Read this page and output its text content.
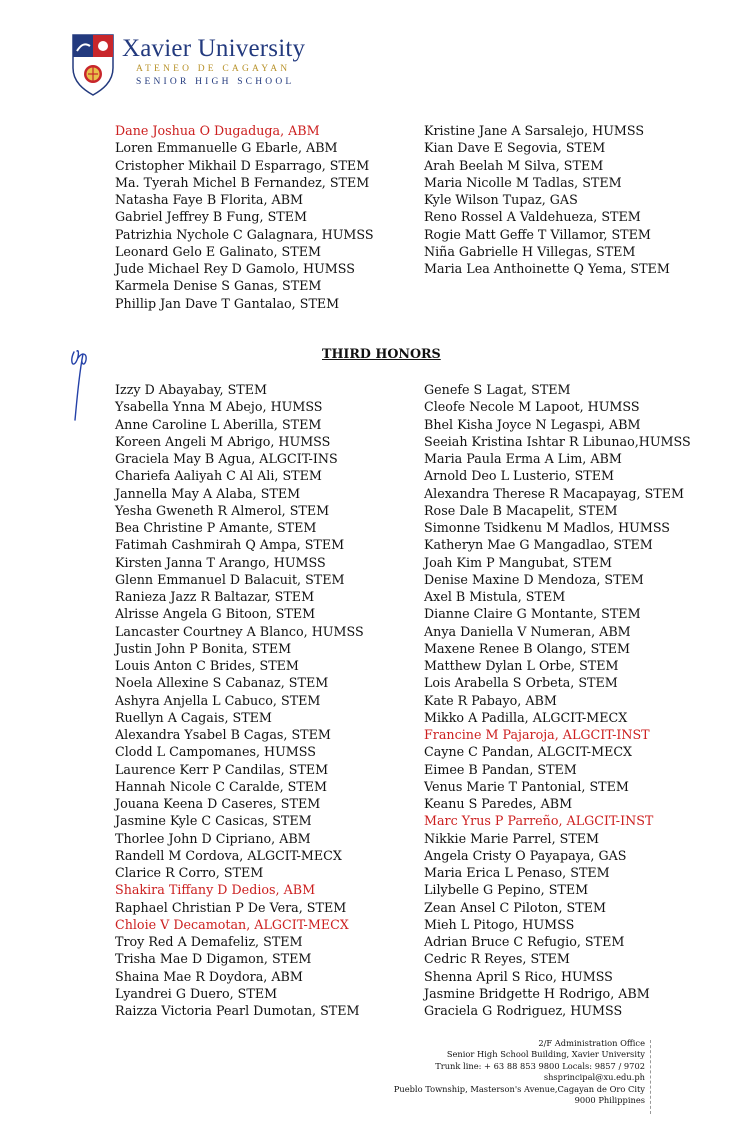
Xavier University
ATENEO DE CAGAYAN
SENIOR HIGH SCHOOL
Dane Joshua O Dugaduga, ABM
Loren Emmanuelle G Ebarle, ABM
Cristopher Mikhail D Esparrago, STEM
Ma. Tyerah Michel B Fernandez, STEM
Natasha Faye B Florita, ABM
Gabriel Jeffrey B Fung, STEM
Patrizhia Nychole C Galagnara, HUMSS
Leonard Gelo E Galinato, STEM
Jude Michael Rey D Gamolo, HUMSS
Karmela Denise S Ganas, STEM
Phillip Jan Dave T Gantalao, STEM
Kristine Jane A Sarsalejo, HUMSS
Kian Dave E Segovia, STEM
Arah Beelah M Silva, STEM
Maria Nicolle M Tadlas, STEM
Kyle Wilson Tupaz, GAS
Reno Rossel A Valdehueza, STEM
Rogie Matt Geffe T Villamor, STEM
Niña Gabrielle H Villegas, STEM
Maria Lea Anthoinette Q Yema, STEM
THIRD HONORS
Izzy D Abayabay, STEM
Ysabella Ynna M Abejo, HUMSS
Anne Caroline L Aberilla, STEM
Koreen Angeli M Abrigo, HUMSS
Graciela May B Agua, ALGCIT-INS
Chariefa Aaliyah C Al Ali, STEM
Jannella May A Alaba, STEM
Yesha Gweneth R Almerol, STEM
Bea Christine P Amante, STEM
Fatimah Cashmirah Q Ampa, STEM
Kirsten Janna T Arango, HUMSS
Glenn Emmanuel D Balacuit, STEM
Ranieza Jazz R Baltazar, STEM
Alrisse Angela G Bitoon, STEM
Lancaster Courtney A Blanco, HUMSS
Justin John P Bonita, STEM
Louis Anton C Brides, STEM
Noela Allexine S Cabanaz, STEM
Ashyra Anjella L Cabuco, STEM
Ruellyn A Cagais, STEM
Alexandra Ysabel B Cagas, STEM
Clodd L Campomanes, HUMSS
Laurence Kerr P Candilas, STEM
Hannah Nicole C Caralde, STEM
Jouana Keena D Caseres, STEM
Jasmine Kyle C Casicas, STEM
Thorlee John D Cipriano, ABM
Randell M Cordova, ALGCIT-MECX
Clarice R Corro, STEM
Shakira Tiffany D Dedios, ABM
Raphael Christian P De Vera, STEM
Chloie V Decamotan, ALGCIT-MECX
Troy Red A Demafeliz, STEM
Trisha Mae D Digamon, STEM
Shaina Mae R Doydora, ABM
Lyandrei G Duero, STEM
Raizza Victoria Pearl Dumotan, STEM
Genefe S Lagat, STEM
Cleofe Necole M Lapoot, HUMSS
Bhel Kisha Joyce N Legaspi, ABM
Seeiah Kristina Ishtar R Libunao,HUMSS
Maria Paula Erma A Lim, ABM
Arnold Deo L Lusterio, STEM
Alexandra Therese R Macapayag, STEM
Rose Dale B Macapelit, STEM
Simonne Tsidkenu M Madlos, HUMSS
Katheryn Mae G Mangadlao, STEM
Joah Kim P Mangubat, STEM
Denise Maxine D Mendoza, STEM
Axel B Mistula, STEM
Dianne Claire G Montante, STEM
Anya Daniella V Numeran, ABM
Maxene Renee B Olango, STEM
Matthew Dylan L Orbe, STEM
Lois Arabella S Orbeta, STEM
Kate R Pabayo, ABM
Mikko A Padilla, ALGCIT-MECX
Francine M Pajaroja, ALGCIT-INST
Cayne C Pandan, ALGCIT-MECX
Eimee B Pandan, STEM
Venus Marie T Pantonial, STEM
Keanu S Paredes, ABM
Marc Yrus P Parreño, ALGCIT-INST
Nikkie Marie Parrel, STEM
Angela Cristy O Payapaya, GAS
Maria Erica L Penaso, STEM
Lilybelle G Pepino, STEM
Zean Ansel C Piloton, STEM
Mieh L Pitogo, HUMSS
Adrian Bruce C Refugio, STEM
Cedric R Reyes, STEM
Shenna April S Rico, HUMSS
Jasmine Bridgette H Rodrigo, ABM
Graciela G Rodriguez, HUMSS
2/F Administration Office
Senior High School Building, Xavier University
Trunk line: + 63 88 853 9800 Locals: 9857 / 9702
shsprincipal@xu.edu.ph
Pueblo Township, Masterson's Avenue,Cagayan de Oro City
9000 Philippines
